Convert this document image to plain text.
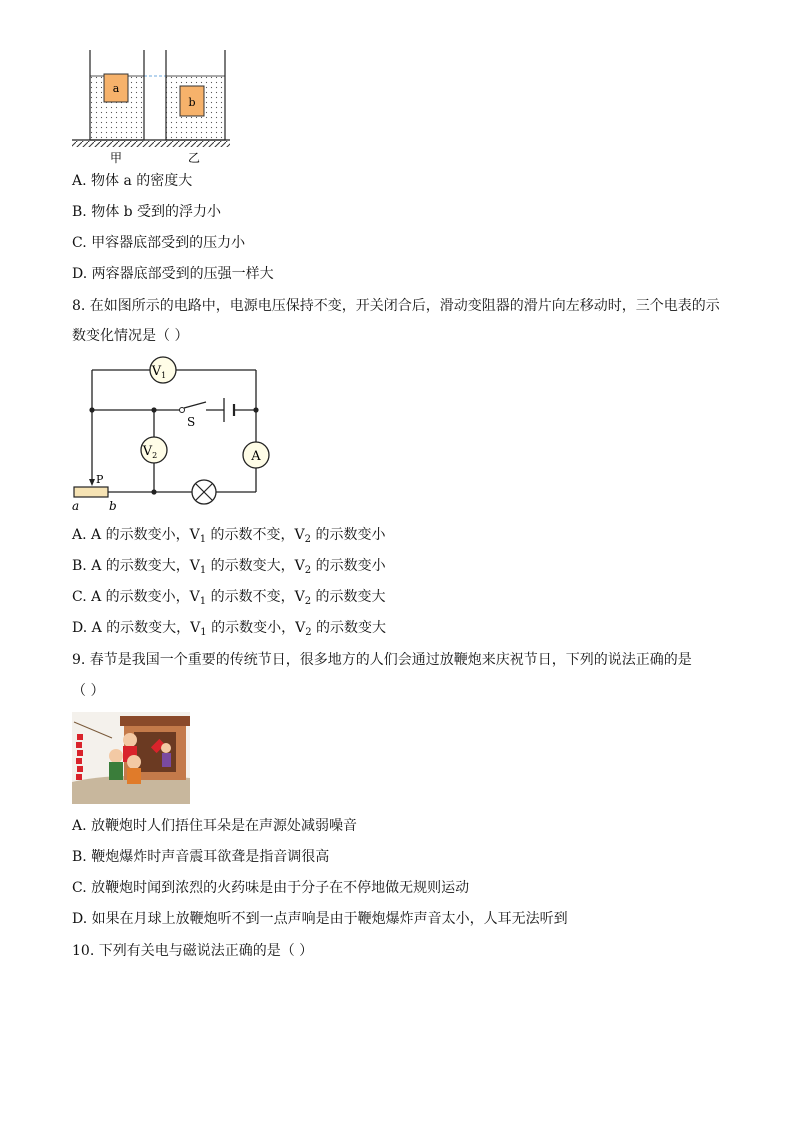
a
b
甲	乙
A. 物体 a 的密度大
B. 物体 b 受到的浮力小
C. 甲容器底部受到的压力小
D. 两容器底部受到的压强一样大
8. 在如图所示的电路中，电源电压保持不变，开关闭合后，滑动变阻器的滑片向左移动时，三个电表的示
数变化情况是（ ）
$V_1$
$V_2$	A
P
S
a b
A. A 的示数变小，$V_1$ 的示数不变，$V_2$ 的示数变小
B. A 的示数变大，$V_1$ 的示数变大，$V_2$ 的示数变小
C. A 的示数变小，$V_1$ 的示数不变，$V_2$ 的示数变大
D. A 的示数变大，$V_1$ 的示数变小，$V_2$ 的示数变大
9. 春节是我国一个重要的传统节日，很多地方的人们会通过放鞭炮来庆祝节日，下列的说法正确的是
（ ）
A. 放鞭炮时人们捂住耳朵是在声源处减弱噪音
B. 鞭炮爆炸时声音震耳欲聋是指音调很高
C. 放鞭炮时闻到浓烈的火药味是由于分子在不停地做无规则运动
D. 如果在月球上放鞭炮听不到一点声响是由于鞭炮爆炸声音太小，人耳无法听到
10. 下列有关电与磁说法正确的是（ ）
